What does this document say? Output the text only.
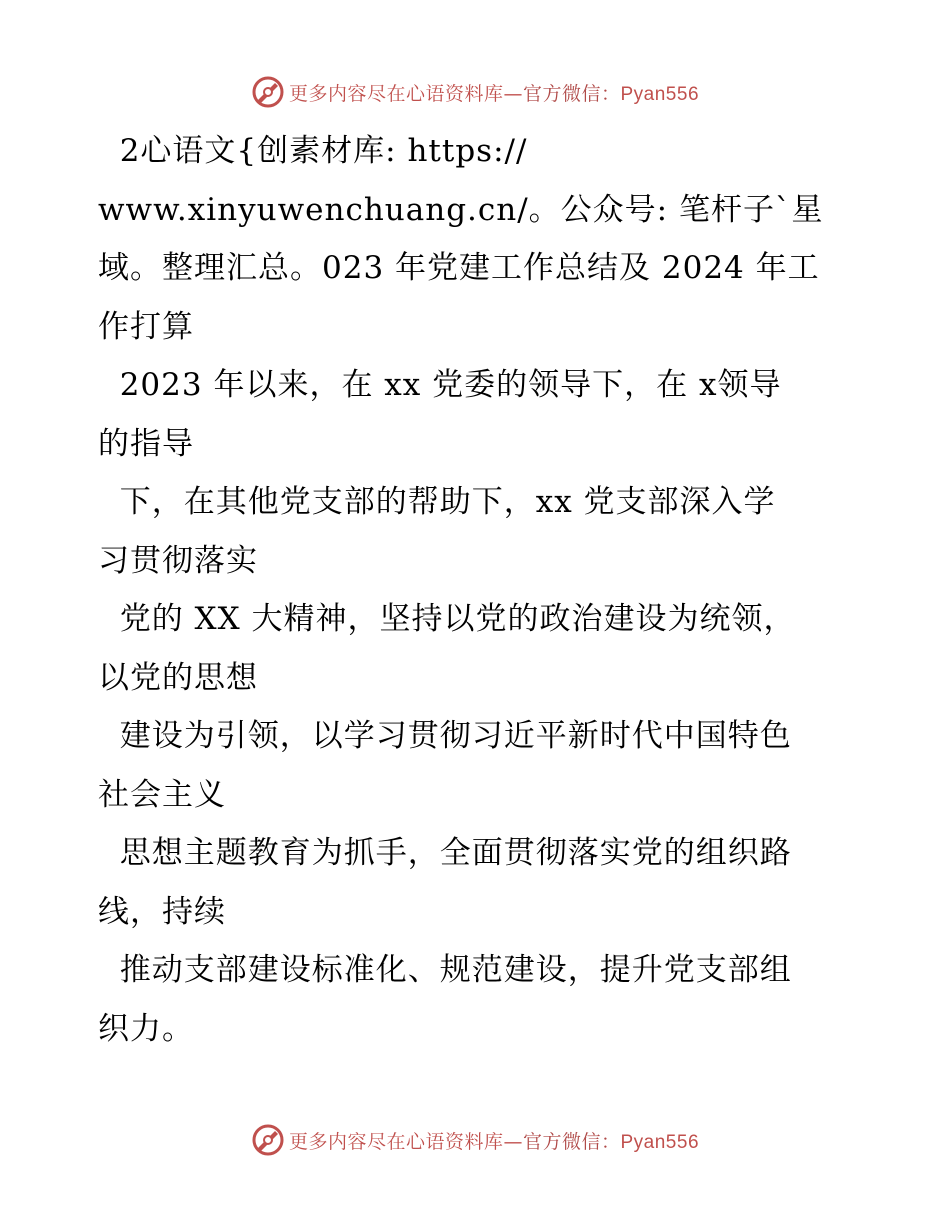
更多内容尽在心语资料库—官方微信：Pyan556
2心语文{创素材库: https://
www.xinyuwenchuang.cn/。公众号: 笔杆子`星
域。整理汇总。023 年党建工作总结及 2024 年工
作打算
2023 年以来，在 xx 党委的领导下，在 x领导
的指导
下，在其他党支部的帮助下，xx 党支部深入学
习贯彻落实
党的 XX 大精神，坚持以党的政治建设为统领，
以党的思想
建设为引领，以学习贯彻习近平新时代中国特色
社会主义
思想主题教育为抓手，全面贯彻落实党的组织路
线，持续
推动支部建设标准化、规范建设，提升党支部组
织力。
更多内容尽在心语资料库—官方微信：Pyan556
